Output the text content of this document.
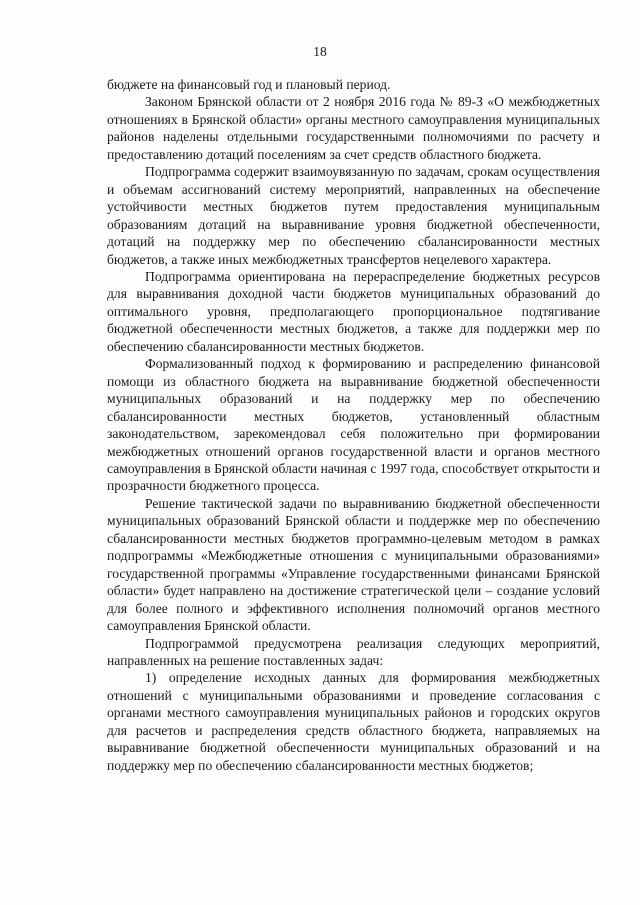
18

бюджете на финансовый год и плановый период.

Законом Брянской области от 2 ноября 2016 года № 89-З «О межбюджетных отношениях в Брянской области» органы местного самоуправления муниципальных районов наделены отдельными государственными полномочиями по расчету и предоставлению дотаций поселениям за счет средств областного бюджета.

Подпрограмма содержит взаимоувязанную по задачам, срокам осуществления и объемам ассигнований систему мероприятий, направленных на обеспечение устойчивости местных бюджетов путем предоставления муниципальным образованиям дотаций на выравнивание уровня бюджетной обеспеченности, дотаций на поддержку мер по обеспечению сбалансированности местных бюджетов, а также иных межбюджетных трансфертов нецелевого характера.

Подпрограмма ориентирована на перераспределение бюджетных ресурсов для выравнивания доходной части бюджетов муниципальных образований до оптимального уровня, предполагающего пропорциональное подтягивание бюджетной обеспеченности местных бюджетов, а также для поддержки мер по обеспечению сбалансированности местных бюджетов.

Формализованный подход к формированию и распределению финансовой помощи из областного бюджета на выравнивание бюджетной обеспеченности муниципальных образований и на поддержку мер по обеспечению сбалансированности местных бюджетов, установленный областным законодательством, зарекомендовал себя положительно при формировании межбюджетных отношений органов государственной власти и органов местного самоуправления в Брянской области начиная с 1997 года, способствует открытости и прозрачности бюджетного процесса.

Решение тактической задачи по выравниванию бюджетной обеспеченности муниципальных образований Брянской области и поддержке мер по обеспечению сбалансированности местных бюджетов программно-целевым методом в рамках подпрограммы «Межбюджетные отношения с муниципальными образованиями» государственной программы «Управление государственными финансами Брянской области» будет направлено на достижение стратегической цели – создание условий для более полного и эффективного исполнения полномочий органов местного самоуправления Брянской области.

Подпрограммой предусмотрена реализация следующих мероприятий, направленных на решение поставленных задач:

1) определение исходных данных для формирования межбюджетных отношений с муниципальными образованиями и проведение согласования с органами местного самоуправления муниципальных районов и городских округов для расчетов и распределения средств областного бюджета, направляемых на выравнивание бюджетной обеспеченности муниципальных образований и на поддержку мер по обеспечению сбалансированности местных бюджетов;
